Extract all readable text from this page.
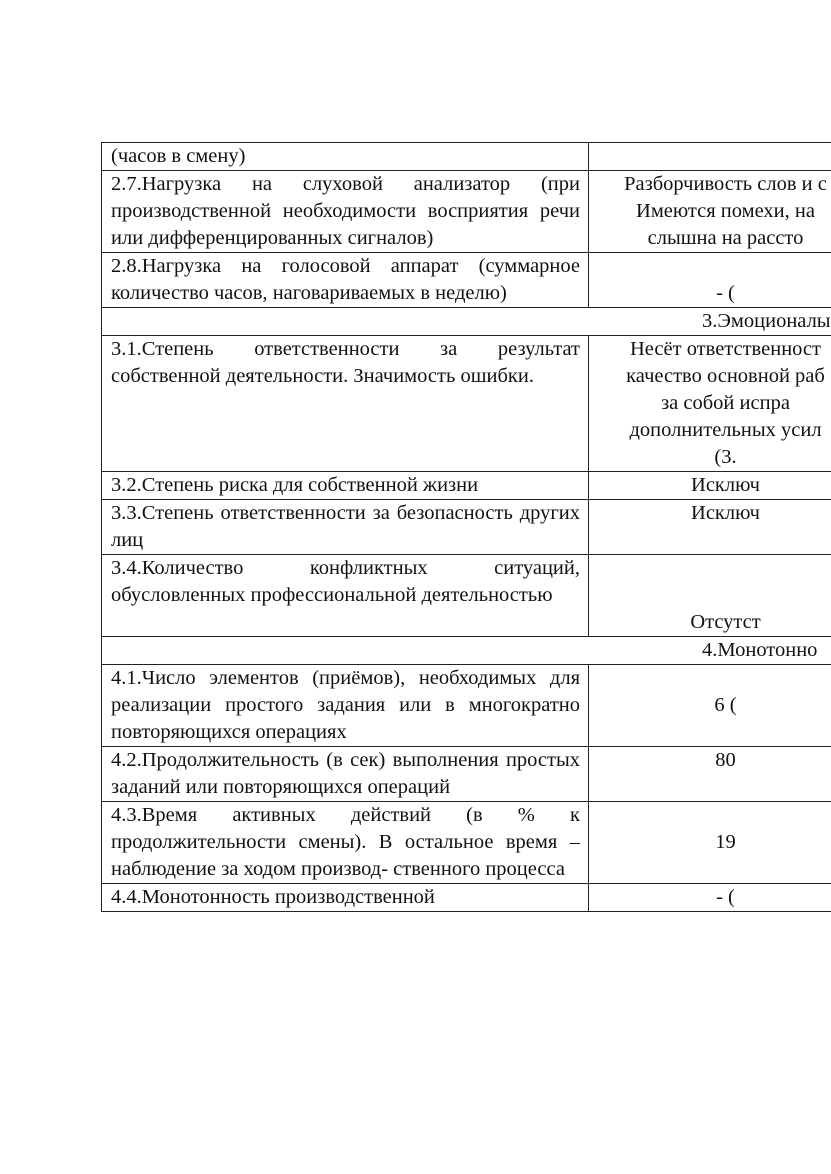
(часов в смену)	
2.7.Нагрузка на слуховой анализатор (при производственной необходимости восприятия речи или дифференцированных сигналов)	Разборчивость слов и с
Имеются помехи, на
слышна на рассто

2.8.Нагрузка на голосовой аппарат (суммарное количество часов, наговариваемых в неделю)	- (

3.Эмоционалы	

3.1.Степень ответственности за результат собственной деятельности. Значимость ошибки.	Несёт ответственност
качество основной раб
за собой испра
дополнительных усил
(3.

3.2.Степень риска для собственной жизни	Исключ

3.3.Степень ответственности за безопасность других лиц	Исключ

3.4.Количество конфликтных ситуаций, обусловленных профессиональной деятельностью	Отсутст

4.Монотонно	

4.1.Число элементов (приёмов), необходимых для реализации простого задания или в многократно повторяющихся операциях	6 (

4.2.Продолжительность (в сек) выполнения простых заданий или повторяющихся операций	80

4.3.Время активных действий (в % к продолжительности смены). В остальное время – наблюдение за ходом производ- ственного процесса	19

4.4.Монотонность производственной	- (
